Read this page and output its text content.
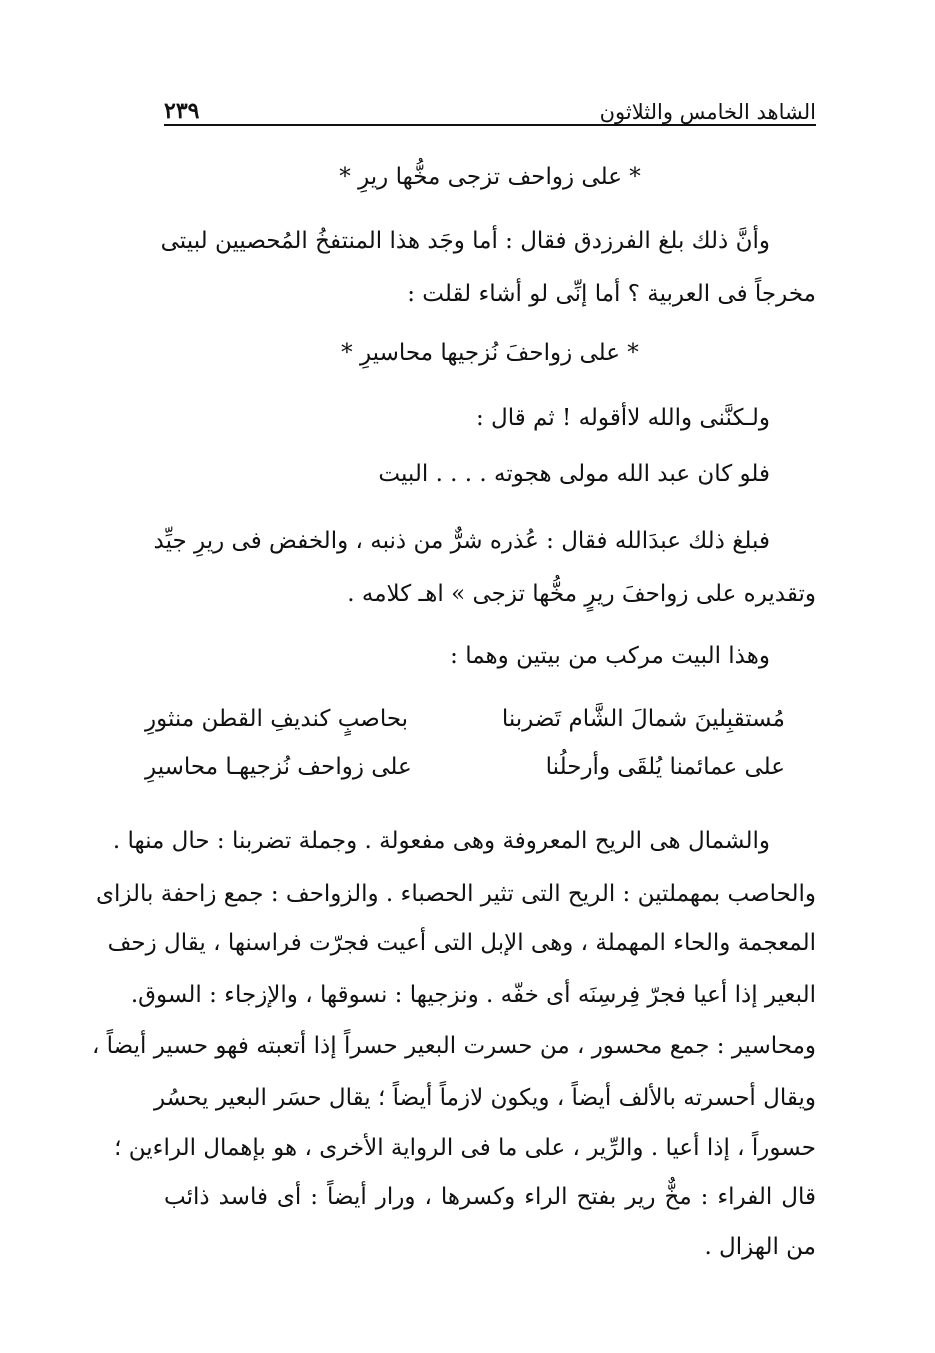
الشاهد الخامس والثلاثون
٢٣٩
* على زواحف تزجى مخُّها ريرِ *
وأنَّ ذلك بلغ الفرزدق فقال : أما وجَد هذا المنتفخُ المُحصيين لبيتى
مخرجاً فى العربية ؟ أما إنِّى لو أشاء لقلت :
* على زواحفَ نُزجيها محاسيرِ *
ولـكنَّنى والله لاأقوله ! ثم قال :
فلو كان عبد الله مولى هجوته . . . . البيت
فبلغ ذلك عبدَالله فقال : عُذره شرٌّ من ذنبه ، والخفض فى ريرِ جيِّد
وتقديره على زواحفَ ريرٍ مخُّها تزجى » اهـ كلامه .
وهذا البيت مركب من بيتين وهما :
مُستقبِلينَ شمالَ الشَّام تَضربنا
بحاصبٍ كنديفِ القطن منثورِ
على عمائمنا يُلقَى وأرحلُنا
على زواحف نُزجيهـا محاسيرِ
والشمال هى الريح المعروفة وهى مفعولة . وجملة تضربنا : حال منها .
والحاصب بمهملتين : الريح التى تثير الحصباء . والزواحف : جمع زاحفة بالزاى
المعجمة والحاء المهملة ، وهى الإبل التى أعيت فجرّت فراسنها ، يقال زحف
البعير إذا أعيا فجرّ فِرسِنَه أى خفّه . ونزجيها : نسوقها ، والإزجاء : السوق.
ومحاسير : جمع محسور ، من حسرت البعير حسراً إذا أتعبته فهو حسير أيضاً ،
ويقال أحسرته بالألف أيضاً ، ويكون لازماً أيضاً ؛ يقال حسَر البعير يحسُر
حسوراً ، إذا أعيا . والرِّير ، على ما فى الرواية الأخرى ، هو بإهمال الراءين ؛
قال الفراء : مخٌّ رير بفتح الراء وكسرها ، ورار أيضاً : أى فاسد ذائب
من الهزال .
